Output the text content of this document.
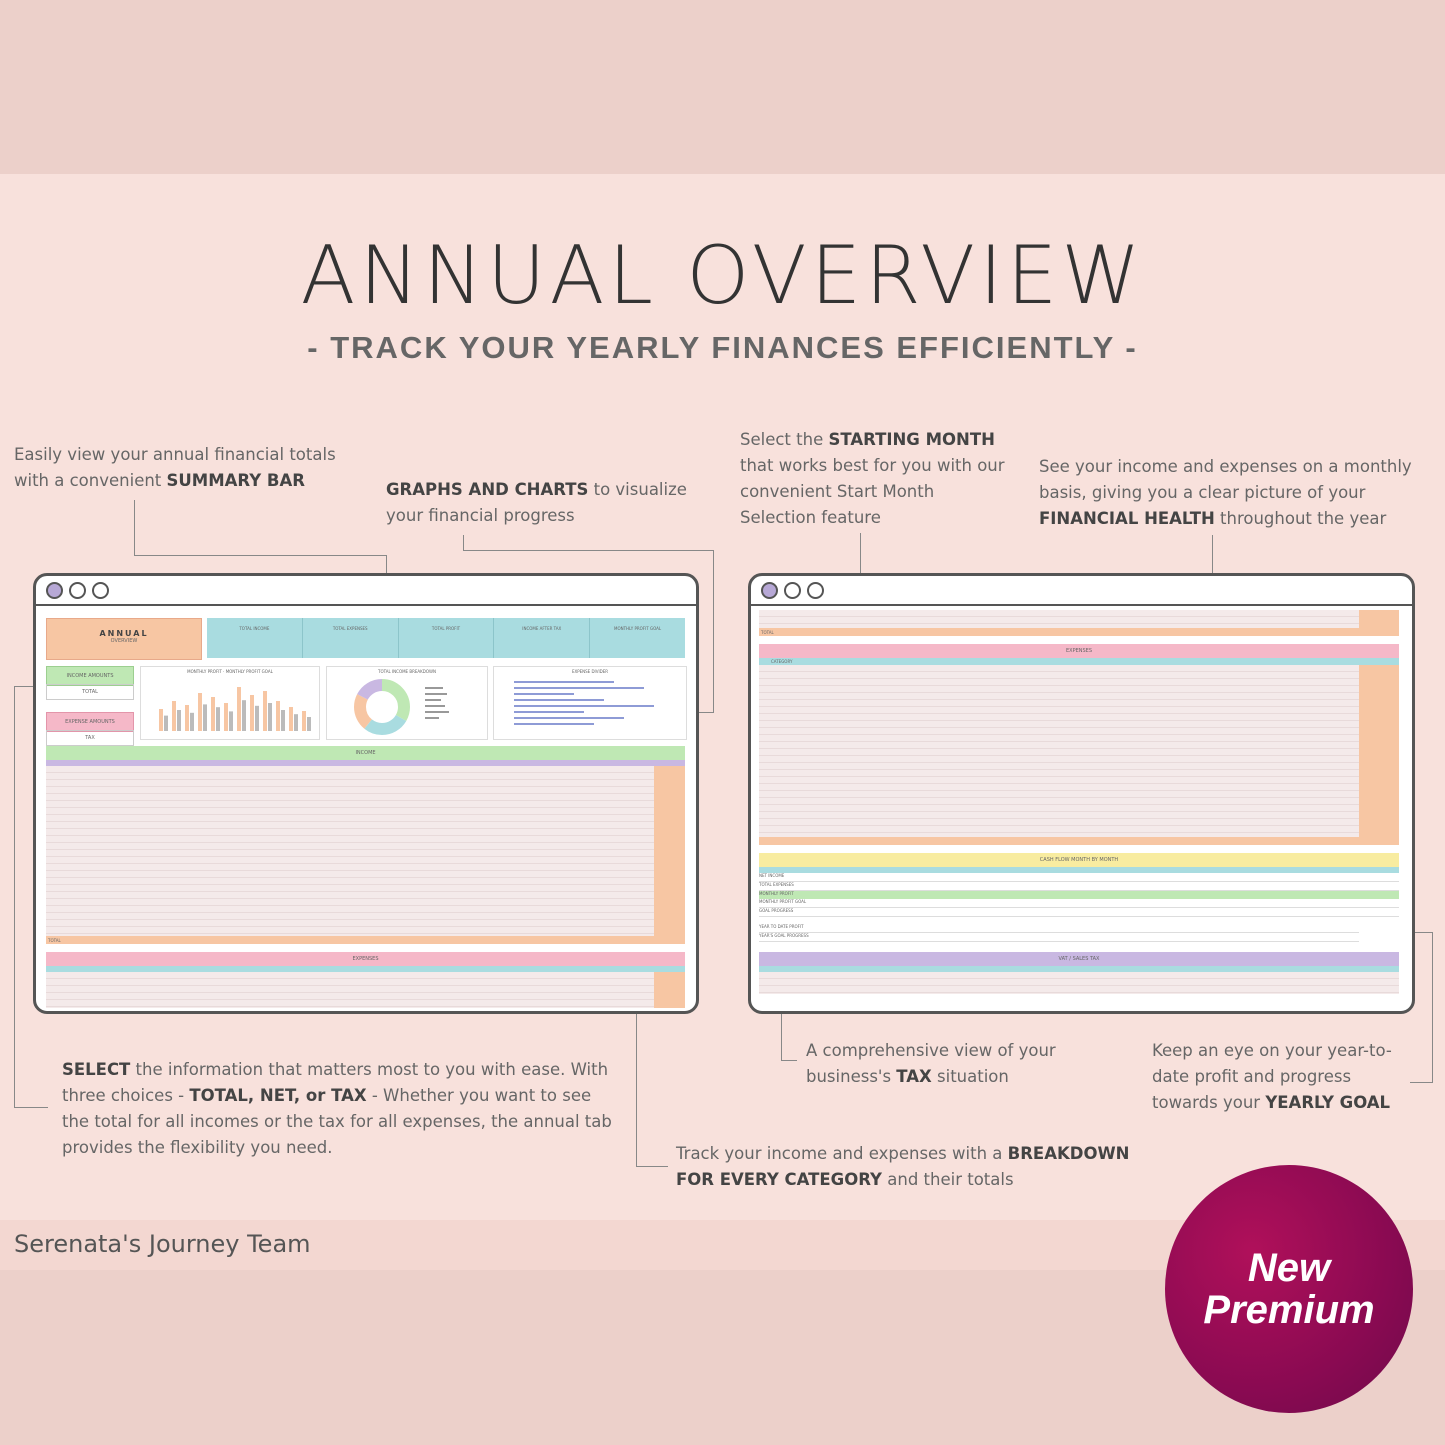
ANNUAL OVERVIEW
- TRACK YOUR YEARLY FINANCES EFFICIENTLY -
Easily view your annual financial totals with a convenient SUMMARY BAR	GRAPHS AND CHARTS to visualize your financial progress
Select the STARTING MONTH that works best for you with our convenient Start Month Selection feature
See your income and expenses on a monthly basis, giving you a clear picture of your FINANCIAL HEALTH throughout the year
SELECT the information that matters most to you with ease. With three choices - TOTAL, NET, or TAX - Whether you want to see the total for all incomes or the tax for all expenses, the annual tab provides the flexibility you need.
A comprehensive view of your business's TAX situation
Keep an eye on your year-to-date profit and progress towards your YEARLY GOAL
Track your income and expenses with a BREAKDOWN FOR EVERY CATEGORY and their totals
ANNUAL
OVERVIEW
TOTAL INCOME	TOTAL EXPENSES	TOTAL PROFIT	INCOME AFTER TAX	MONTHLY PROFIT GOAL
INCOME AMOUNTS
TOTAL
EXPENSE AMOUNTS
TAX
MONTHLY PROFIT · MONTHLY PROFIT GOAL	TOTAL INCOME BREAKDOWN	EXPENSE DIVIDER
INCOME
TOTAL
EXPENSES
TOTAL
EXPENSES
CATEGORY
CASH FLOW MONTH BY MONTH
NET INCOME
TOTAL EXPENSES
MONTHLY PROFIT
MONTHLY PROFIT GOAL
GOAL PROGRESS
YEAR TO DATE PROFIT
YEAR'S GOAL PROGRESS
VAT / SALES TAX
Serenata's Journey Team
New
Premium
